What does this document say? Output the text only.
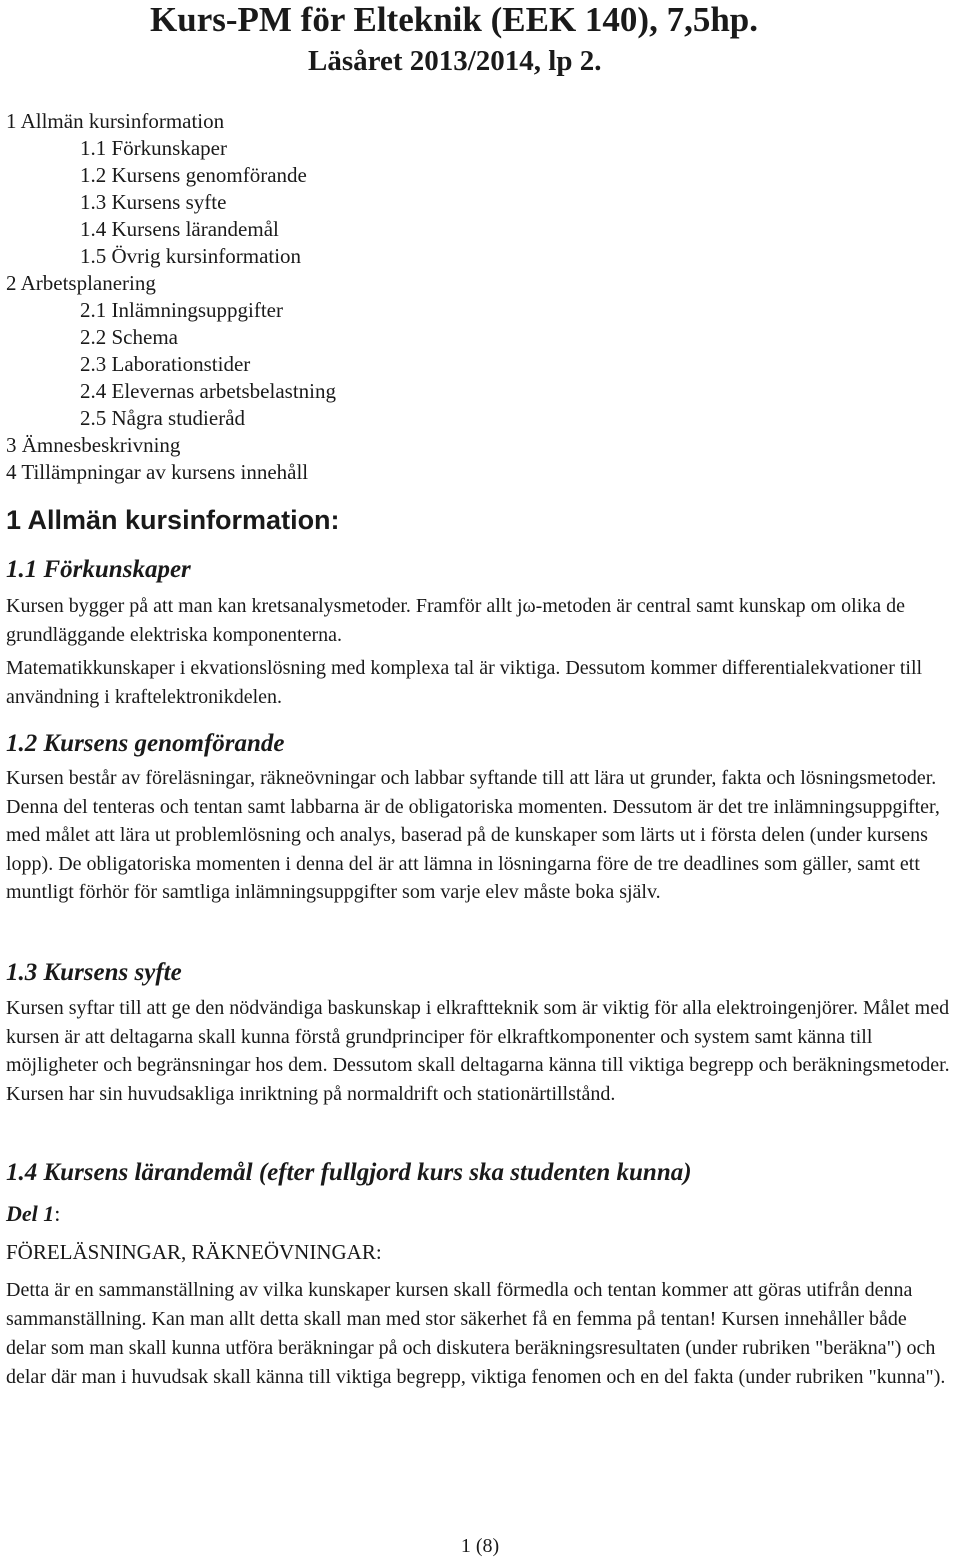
Kurs-PM för Elteknik (EEK 140), 7,5hp.
Läsåret 2013/2014, lp 2.
1 Allmän kursinformation
1.1 Förkunskaper
1.2 Kursens genomförande
1.3 Kursens syfte
1.4 Kursens lärandemål
1.5 Övrig kursinformation
2 Arbetsplanering
2.1 Inlämningsuppgifter
2.2 Schema
2.3 Laborationstider
2.4 Elevernas arbetsbelastning
2.5 Några studieråd
3 Ämnesbeskrivning
4 Tillämpningar av kursens innehåll
1 Allmän kursinformation:
1.1 Förkunskaper

Kursen bygger på att man kan kretsanalysmetoder. Framför allt jω-metoden är central samt kunskap om olika de grundläggande elektriska komponenterna.

Matematikkunskaper i ekvationslösning med komplexa tal är viktiga. Dessutom kommer differentialekvationer till användning i kraftelektronikdelen.

1.2 Kursens genomförande

Kursen består av föreläsningar, räkneövningar och labbar syftande till att lära ut grunder, fakta och lösningsmetoder. Denna del tenteras och tentan samt labbarna är de obligatoriska momenten. Dessutom är det tre inlämningsuppgifter, med målet att lära ut problemlösning och analys, baserad på de kunskaper som lärts ut i första delen (under kursens lopp). De obligatoriska momenten i denna del är att lämna in lösningarna före de tre deadlines som gäller, samt ett muntligt förhör för samtliga inlämningsuppgifter som varje elev måste boka själv.

1.3 Kursens syfte

Kursen syftar till att ge den nödvändiga baskunskap i elkraftteknik som är viktig för alla elektroingenjörer. Målet med kursen är att deltagarna skall kunna förstå grundprinciper för elkraftkomponenter och system samt känna till möjligheter och begränsningar hos dem. Dessutom skall deltagarna känna till viktiga begrepp och beräkningsmetoder. Kursen har sin huvudsakliga inriktning på normaldrift och stationärtillstånd.

1.4 Kursens lärandemål (efter fullgjord kurs ska studenten kunna)
Del 1:
FÖRELÄSNINGAR, RÄKNEÖVNINGAR:

Detta är en sammanställning av vilka kunskaper kursen skall förmedla och tentan kommer att göras utifrån denna sammanställning. Kan man allt detta skall man med stor säkerhet få en femma på tentan! Kursen innehåller både delar som man skall kunna utföra beräkningar på och diskutera beräkningsresultaten (under rubriken "beräkna") och delar där man i huvudsak skall känna till viktiga begrepp, viktiga fenomen och en del fakta (under rubriken "kunna").

1 (8)
